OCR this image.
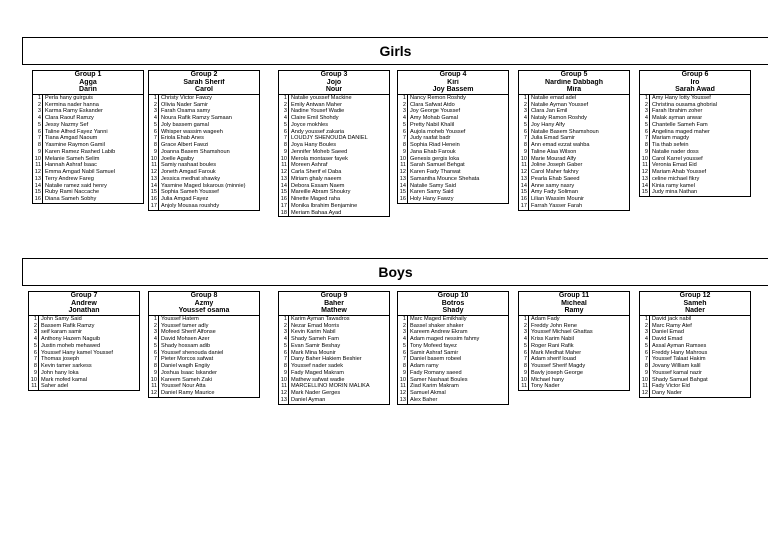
Girls
Boys
Group 1
Agga
Darin
1 Perla hany guirguis
2 Kermina nader hanna
3 Karma Ramy Eskander
4 Clara Raouf Ramzy
5 Jessy Nazmy Sef
6 Taline Alfred Fayez Yanni
7 Tiana Amgad Naoum
8 Yasmine Raymon Gamil
9 Karen Ramez Rashed Labib
10 Melanie Sameh Selim
11 Hannah Ashraf Isaac
12 Emma Amgad Nabil Samuel
13 Terry Andrew Fareg
14 Natalie ramez said henry
15 Ruby Rami Naccache
16 Diana Sameh Sobhy
Group 2
Sarah Sherif
Carol
1 Christy Victor Fawzy
2 Olivia Nader Samir
3 Farah Osama samy
4 Noura Rafik Ramzy Samaan
5 Joly bassem gamal
6 Whisper wassim wageeh
7 Eriola Ehab Anes
8 Grace Albert Fawzi
9 Joanna Basem Shamshoun
10 Joelle Agaiby
11 Samiy nashaat boules
12 Joneth Amgad Farouk
13 Jessica medhat shawky
14 Yasmine Maged Iskarous (minnie)
15 Sophia Sameh Youssef
16 Julia Amgad Fayez
17 Anjoly Mousaa roushdy
Group 3
Jojo
Nour
1 Natalie youssef Mackine
2 Emily Antwan Maher
3 Nadine Yousef Wadie
4 Claire Emil Shohdy
5 Joyce mokhles
6 Andy youssef zakaria
7 LOUDJY SHENOUDA DANIEL
8 Joya Hany Boules
9 Jennifer Moheb Saeed
10 Merola montaser fayek
11 Moreen Ashraf
12 Carla Sherif el Daba
13 Miriam ghaly naeem
14 Debora Essam Naem
15 Mareille Abram Shoukry
16 Ninette Maged raha
17 Monika Ibrahim Benjamine
18 Meriam Bahaa Ayad
Group 4
Kiri
Joy Bassem
1 Nancy Remon Roshdy
2 Clara Safwat Atdo
3 Joy George Youssef
4 Amy Mohab Gamal
5 Pretty Nabil Khalil
6 Aujola moheb Youssef
7 Judy raafat badr
8 Sophia Riad Henein
9 Jana Ehab Farouk
10 Genesis gergis loka
11 Sarah Samuel Behgat
12 Karen Fady Tharwat
13 Samantha Mounce Shehata
14 Natalie Samy Said
15 Karen Samy Said
16 Holy Hany Fawzy
Group 5
Nardine Dabbagh
Mira
1 Natalie emad adel
2 Natalie Ayman Youssef
3 Clara Jan Emil
4 Nataly Ramon Roshdy
5 Joy Hany Alfy
6 Natalie Basem Shamshoun
7 Julia Emad Samir
8 Ann emad ezzat wahba
9 Taline Alaa Wilson
10 Marie Mourad Alfy
11 Joline Joseph Gaber
12 Carol Maher fakhry
13 Pearla Ehab Saeed
14 Anne samy nasry
15 Amy Fady Soliman
16 Lilian Wassim Mounir
17 Farrah Yasser Farah
Group 6
Iro
Sarah Awad
1 Amy Hany lotty Youssef
2 Christina ousama ghobrial
3 Farah Ibrahim zoher
4 Malak ayman anwar
5 Chantelle Sameh Fam
6 Angelina maged maher
7 Mariam magdy
8 Tia thab sefein
9 Natalie nader doss
10 Carol Karrel youssef
11 Veronia Emad Eid
12 Mariam Ahab Youssef
13 celine michael fikry
14 Kinia ramy kamel
15 Judy mina Nathan
Group 7
Andrew
Jonathan
1 John Samy Said
2 Bassem Rafik Ramzy
3 seif karam samir
4 Anthony Hazem Naguib
5 Justin moheb mehawed
6 Youssef Hany kamel Youssef
7 Thomas joseph
8 Kevin tamer sarkess
9 John hany loka
10 Mark mofed kamal
11 Saher adel
Group 8
Azmy
Youssef osama
1 Youssef Hatem
2 Youssef tamer adly
3 Mofeed Sherif Alfonse
4 David Mohsen Azer
5 Shady hossam adib
6 Youssef shenouda daniel
7 Pieter Morcos safwat
8 Daniel wagih Engiiy
9 Joshua Isaac Iskander
10 Kareem Sameh Zaki
11 Youssef Nour Atta
12 Daniel Ramy Maurice
Group 9
Baher
Mathew
1 Karim Ayman Tawadros
2 Nezar Emad Morris
3 Kevin Karim Nabil
4 Shady Sameh Fam
5 Evan Samir Beshay
6 Mark Mina Mounir
7 Dany Baher Hakiem Beshier
8 Youssef nader sadek
9 Fady Maged Makram
10 Mathew safwat wadie
11 MARCELLINO MORIN MALIKA
12 Mark Nader Gerges
13 Daniel Ayman
Group 10
Botros
Shady
1 Marc Maged Emikhaily
2 Bassel shaker shaker
3 Kareem Andrew Ekram
4 Adam maged nessim fahmy
5 Tony Mofeed fayez
6 Samir Ashraf Samir
7 Daniel basem robeel
8 Adam ramy
9 Fady Romany saeed
10 Samer Nashaat Boules
11 Ziad Karim Makram
12 Samuel Akmal
13 Alex Baher
Group 11
Micheal
Ramy
1 Adam Fady
2 Freddy John Rene
3 Youssef Michael Ghattas
4 Kriss Karim Nabil
5 Roger Rani Rafik
6 Mark Medhat Maher
7 Adam sherif louad
8 Youssef Sherif Magdy
9 Bavly joseph George
10 Michael hany
11 Tony Nader
Group 12
Sameh
Nader
1 David jack nabil
2 Marc Ramy Atef
3 Daniel Emad
4 David Emad
5 Assal Ayman Ramses
6 Freddy Hany Mahrous
7 Youssef Talaat Hakim
8 Jovany William kalil
9 Youssef kamal nazir
10 Shady Samuel Bahgat
11 Fady Victor Eid
12 Dany Nader
